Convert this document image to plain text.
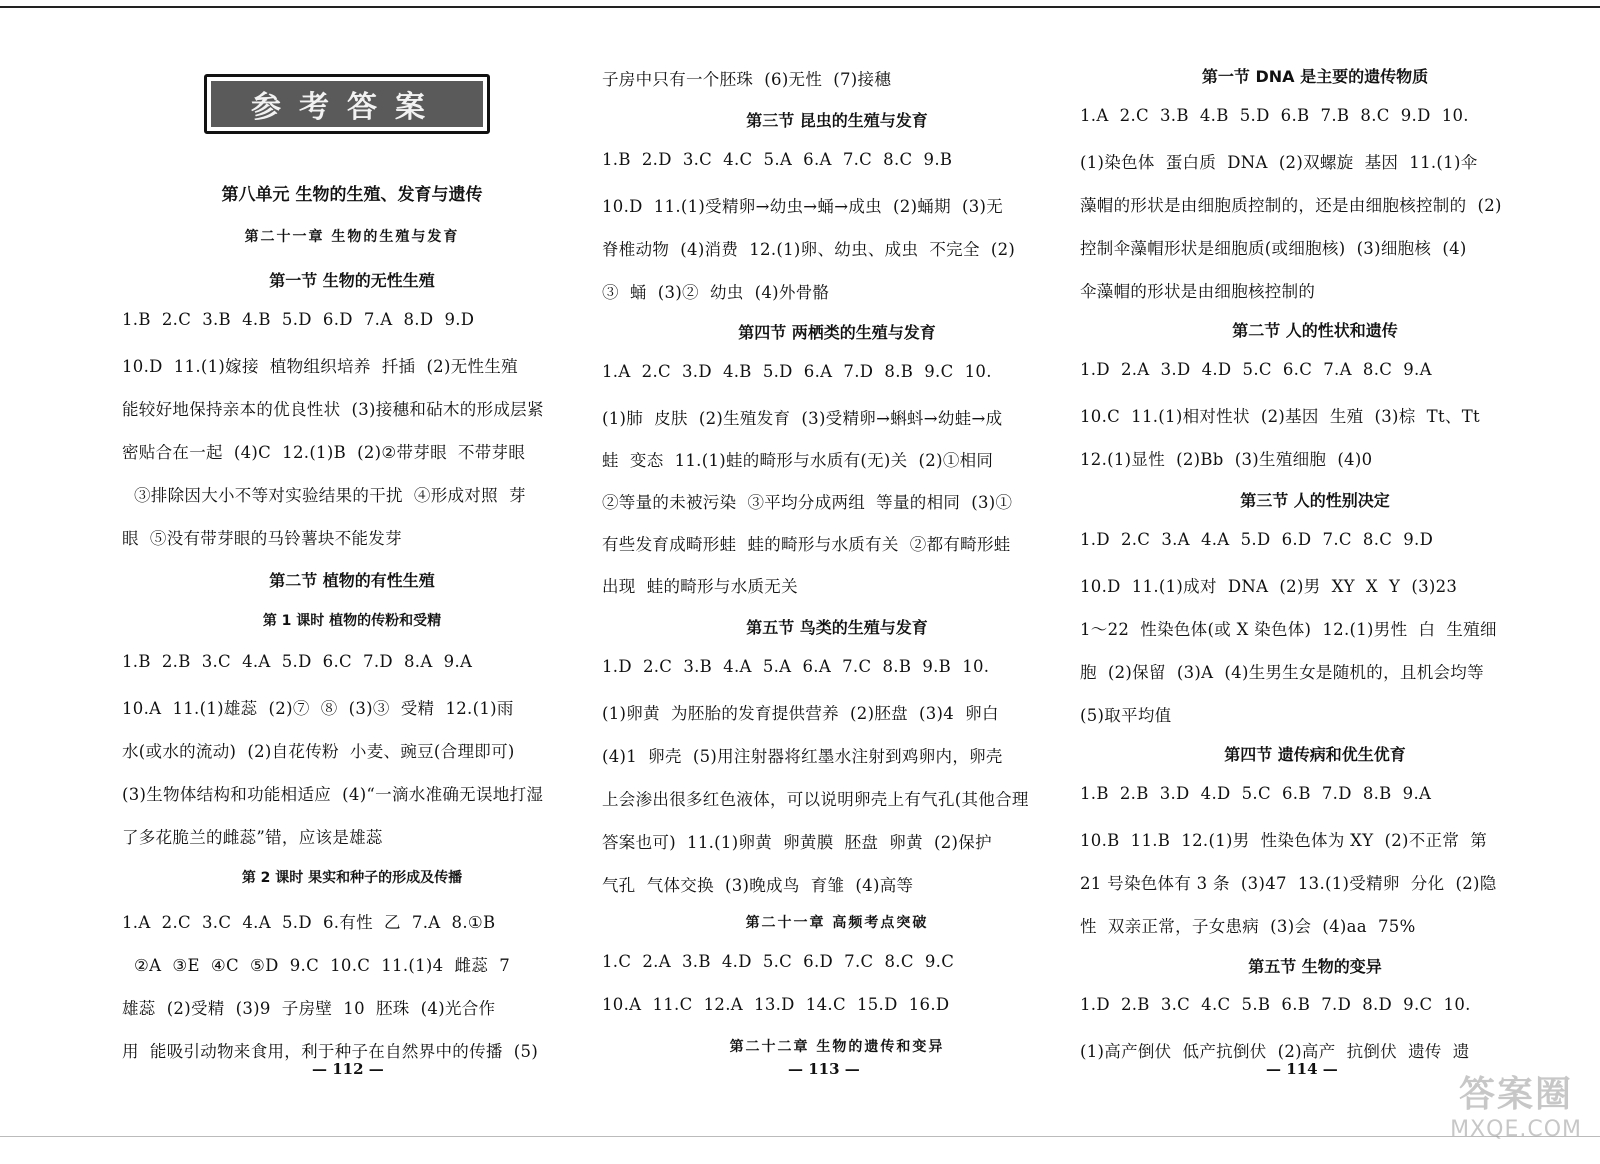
参考答案
第八单元 生物的生殖、发育与遗传
第二十一章 生物的生殖与发育
第一节 生物的无性生殖
1.B  2.C  3.B  4.B  5.D  6.D  7.A  8.D  9.D
10.D  11.(1)嫁接  植物组织培养  扦插  (2)无性生殖
能较好地保持亲本的优良性状  (3)接穗和砧木的形成层紧
密贴合在一起  (4)C  12.(1)B  (2)②带芽眼  不带芽眼
③排除因大小不等对实验结果的干扰  ④形成对照  芽
眼  ⑤没有带芽眼的马铃薯块不能发芽
第二节 植物的有性生殖
第 1 课时 植物的传粉和受精
1.B  2.B  3.C  4.A  5.D  6.C  7.D  8.A  9.A
10.A  11.(1)雄蕊  (2)⑦  ⑧  (3)③  受精  12.(1)雨
水(或水的流动)  (2)自花传粉  小麦、豌豆(合理即可)
(3)生物体结构和功能相适应  (4)“一滴水准确无误地打湿
了多花脆兰的雌蕊”错，应该是雄蕊
第 2 课时 果实和种子的形成及传播
1.A  2.C  3.C  4.A  5.D  6.有性  乙  7.A  8.①B
②A  ③E  ④C  ⑤D  9.C  10.C  11.(1)4  雌蕊  7
雄蕊  (2)受精  (3)9  子房壁  10  胚珠  (4)光合作
用  能吸引动物来食用，利于种子在自然界中的传播  (5)
— 112 —
子房中只有一个胚珠  (6)无性  (7)接穗
第三节 昆虫的生殖与发育
1.B  2.D  3.C  4.C  5.A  6.A  7.C  8.C  9.B
10.D  11.(1)受精卵→幼虫→蛹→成虫  (2)蛹期  (3)无
脊椎动物  (4)消费  12.(1)卵、幼虫、成虫  不完全  (2)
③  蛹  (3)②  幼虫  (4)外骨骼
第四节 两栖类的生殖与发育
1.A  2.C  3.D  4.B  5.D  6.A  7.D  8.B  9.C  10.
(1)肺  皮肤  (2)生殖发育  (3)受精卵→蝌蚪→幼蛙→成
蛙  变态  11.(1)蛙的畸形与水质有(无)关  (2)①相同
②等量的未被污染  ③平均分成两组  等量的相同  (3)①
有些发育成畸形蛙  蛙的畸形与水质有关  ②都有畸形蛙
出现  蛙的畸形与水质无关
第五节 鸟类的生殖与发育
1.D  2.C  3.B  4.A  5.A  6.A  7.C  8.B  9.B  10.
(1)卵黄  为胚胎的发育提供营养  (2)胚盘  (3)4  卵白
(4)1  卵壳  (5)用注射器将红墨水注射到鸡卵内，卵壳
上会渗出很多红色液体，可以说明卵壳上有气孔(其他合理
答案也可)  11.(1)卵黄  卵黄膜  胚盘  卵黄  (2)保护
气孔  气体交换  (3)晚成鸟  育雏  (4)高等
第二十一章 高频考点突破
1.C  2.A  3.B  4.D  5.C  6.D  7.C  8.C  9.C
10.A  11.C  12.A  13.D  14.C  15.D  16.D
第二十二章 生物的遗传和变异
— 113 —
第一节 DNA 是主要的遗传物质
1.A  2.C  3.B  4.B  5.D  6.B  7.B  8.C  9.D  10.
(1)染色体  蛋白质  DNA  (2)双螺旋  基因  11.(1)伞
藻帽的形状是由细胞质控制的，还是由细胞核控制的  (2)
控制伞藻帽形状是细胞质(或细胞核)  (3)细胞核  (4)
伞藻帽的形状是由细胞核控制的
第二节 人的性状和遗传
1.D  2.A  3.D  4.D  5.C  6.C  7.A  8.C  9.A
10.C  11.(1)相对性状  (2)基因  生殖  (3)棕  Tt、Tt
12.(1)显性  (2)Bb  (3)生殖细胞  (4)0
第三节 人的性别决定
1.D  2.C  3.A  4.A  5.D  6.D  7.C  8.C  9.D
10.D  11.(1)成对  DNA  (2)男  XY  X  Y  (3)23
1～22  性染色体(或 X 染色体)  12.(1)男性  白  生殖细
胞  (2)保留  (3)A  (4)生男生女是随机的，且机会均等
(5)取平均值
第四节 遗传病和优生优育
1.B  2.B  3.D  4.D  5.C  6.B  7.D  8.B  9.A
10.B  11.B  12.(1)男  性染色体为 XY  (2)不正常  第
21 号染色体有 3 条  (3)47  13.(1)受精卵  分化  (2)隐
性  双亲正常，子女患病  (3)会  (4)aa  75%
第五节 生物的变异
1.D  2.B  3.C  4.C  5.B  6.B  7.D  8.D  9.C  10.
(1)高产倒伏  低产抗倒伏  (2)高产  抗倒伏  遗传  遗
— 114 —
答案圈
MXQE.COM
